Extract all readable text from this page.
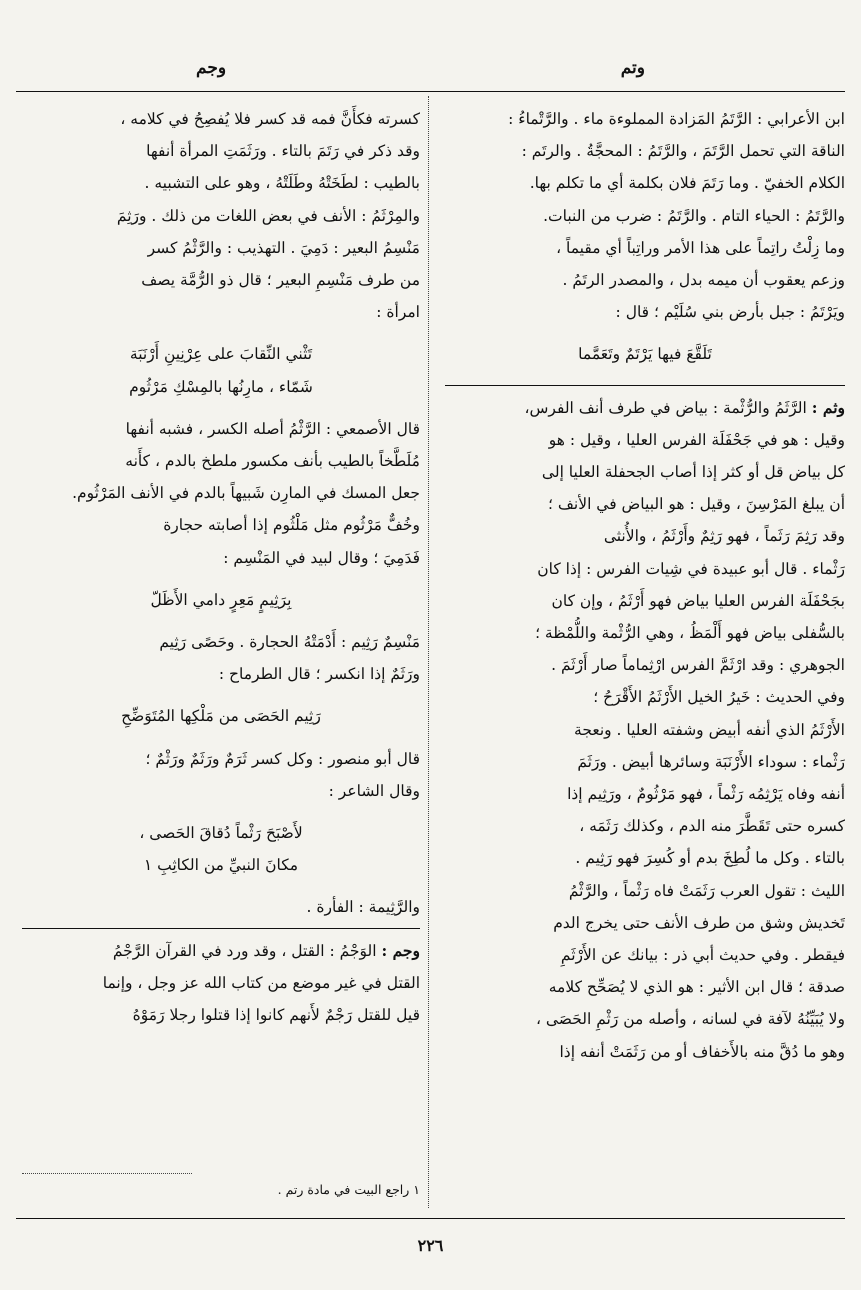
وتم
وجم
ابن الأعرابي : الرَّتَمُ المَزادة المملوءة ماء . والرَّتْماءُ :
الناقة التي تحمل الرَّتَمَ ، والرَّتَمُ : المحجَّةُ . والرتَم :
الكلام الخفيّ . وما رَتَمَ فلان بكلمة أي ما تكلم بها.
والرَّتَمُ : الحياء التام . والرَّتَمُ : ضرب من النبات.
وما زِلْتُ راتِماً على هذا الأمر وراتِباً أي مقيماً ،
وزعم يعقوب أن ميمه بدل ، والمصدر الرتَمُ .
ويَرْتَمُ : جبل بأرض بني سُلَيْم ؛ قال :
تَلَقَّعَ فيها يَرْتَمٌ وتَعَمَّما
وثم : الرَّثَمُ والرُّثْمة : بياض في طرف أنف الفرس،
وقيل : هو في جَحْفَلَة الفرس العليا ، وقيل : هو
كل بياض قل أو كثر إذا أصاب الجحفلة العليا إلى
أن يبلغ المَرْسِنَ ، وقيل : هو البياض في الأنف ؛
وقد رَثِمَ رَثَماً ، فهو رَثِمٌ وأَرْثَمُ ، والأُنثى
رَثْماء . قال أبو عبيدة في شِيات الفرس : إذا كان
بجَحْفَلَة الفرس العليا بياض فهو أَرْثَمُ ، وإن كان
بالسُّفلى بياض فهو أَلْمَظُ ، وهي الرُّثْمة واللُّمْظة ؛
الجوهري : وقد ارْثَمَّ الفرس ارْثِماماً صار أَرْثَمَ .
وفي الحديث : خَيرُ الخيل الأَرْثَمُ الأَقْرَحُ ؛
الأَرْثَمُ الذي أنفه أبيض وشفته العليا . ونعجة
رَثْماء : سوداء الأَرْنَبَة وسائرها أبيض . ورَثَمَ
أنفه وفاه يَرْثِمُه رَثْماً ، فهو مَرْثُومٌ ، ورَثِيم إذا
كسره حتى تَقَطَّرَ منه الدم ، وكذلك رَثَمَه ،
بالتاء . وكل ما لُطِخَ بدم أو كُسِرَ فهو رَثِيم .
الليث : تقول العرب رَثَمَتْ فاه رَثْماً ، والرَّثْمُ
تَخديش وشق من طرف الأنف حتى يخرج الدم
فيقطر . وفي حديث أبي ذر : بيانك عن الأَرْثَمِ
صدقة ؛ قال ابن الأثير : هو الذي لا يُصَحِّح كلامه
ولا يُبَيِّنُهُ لآفة في لسانه ، وأصله من رَثْمِ الحَصَى ،
وهو ما دُقَّ منه بالأَخفاف أو من رَثَمَتْ أنفه إذا
كسرته فكأَنَّ فمه قد كسر فلا يُفصِحُ في كلامه ،
وقد ذكر في رَتَمَ بالتاء . ورَثَمَتِ المرأة أنفها
بالطيب : لطَخَتْهُ وطَلَتْهُ ، وهو على التشبيه .
والمِرْثَمُ : الأنف في بعض اللغات من ذلك . ورَثِمَ
مَنْسِمُ البعير : دَمِيَ . التهذيب : والرَّثْمُ كسر
من طرف مَنْسِمِ البعير ؛ قال ذو الرُّمَّة يصف
امرأة :
تَثْني النِّقابَ على عِرْنِينِ أَرْنَبَة
شَمّاء ، مارِنُها بالمِسْكِ مَرْثُوم
قال الأصمعي : الرَّثْمُ أصله الكسر ، فشبه أنفها
مُلَطَّخاً بالطيب بأنف مكسور ملطخ بالدم ، كأَنه
جعل المسك في المارِن شَبيهاً بالدم في الأنف المَرْثُوم.
وخُفٌّ مَرْثُوم مثل مَلْثُوم إذا أصابته حجارة
فَدَمِيَ ؛ وقال لبيد في المَنْسِم :
بِرَثِيمٍ مَعِرٍ دامي الأَظَلّ
مَنْسِمٌ رَثِيم : أَدْمَتْهُ الحجارة . وحَصًى رَثِيم
ورَثَمٌ إذا انكسر ؛ قال الطرماح :
رَثِيم الحَصَى من مَلْكِها المُتَوَضِّحِ
قال أبو منصور : وكل كسر ثَرَمٌ ورَثَمٌ ورَثْمٌ ؛
وقال الشاعر :
لأَصْبَحَ رَثْماً دُقاقَ الحَصى ،
مكانَ النبيِّ من الكاثِبِ ١
والرَّثِيمة : الفأرة .
وجم : الوَجْمُ : القتل ، وقد ورد في القرآن الرَّجْمُ
القتل في غير موضع من كتاب الله عز وجل ، وإنما
قيل للقتل رَجْمٌ لأَنهم كانوا إذا قتلوا رجلا رَمَوْهُ
١ راجع البيت في مادة رتم .
٢٢٦
